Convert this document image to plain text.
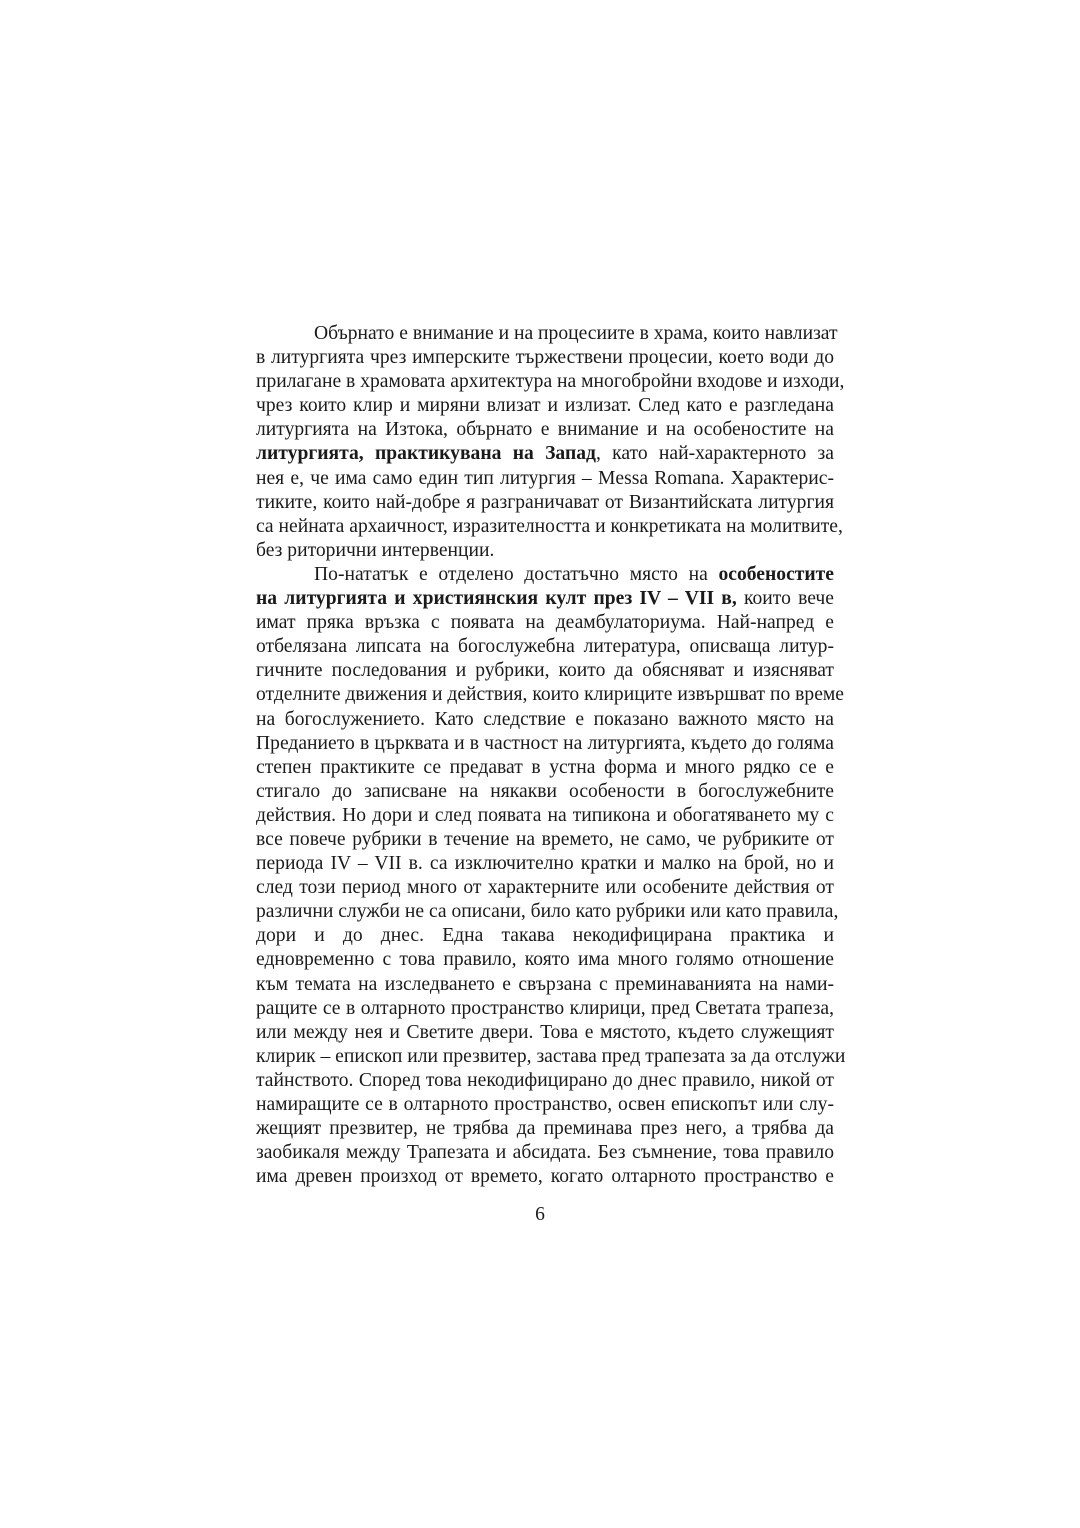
Обърнато е внимание и на процесиите в храма, които навлизат
в литургията чрез имперските тържествени процесии, което води до
прилагане в храмовата архитектура на многобройни входове и изходи,
чрез които клир и миряни влизат и излизат. След като е разгледана
литургията на Изтока, обърнато е внимание и на особеностите на
литургията, практикувана на Запад, като най-характерното за
нея е, че има само един тип литургия – Messa Romana. Характерис-
тиките, които най-добре я разграничават от Византийската литургия
са нейната архаичност, изразителността и конкретиката на молитвите,
без риторични интервенции.

По-нататък е отделено достатъчно място на особеностите
на литургията и християнския култ през IV – VII в, които вече
имат пряка връзка с появата на деамбулаториума. Най-напред е
отбелязана липсата на богослужебна литература, описваща литур-
гичните последования и рубрики, които да обясняват и изясняват
отделните движения и действия, които клириците извършват по време
на богослужението. Като следствие е показано важното място на
Преданието в църквата и в частност на литургията, където до голяма
степен практиките се предават в устна форма и много рядко се е
стигало до записване на някакви особености в богослужебните
действия. Но дори и след появата на типикона и обогатяването му с
все повече рубрики в течение на времето, не само, че рубриките от
периода IV – VII в. са изключително кратки и малко на брой, но и
след този период много от характерните или особените действия от
различни служби не са описани, било като рубрики или като правила,
дори и до днес. Една такава некодифицирана практика и
едновременно с това правило, която има много голямо отношение
към темата на изследването е свързана с преминаванията на нами-
ращите се в олтарното пространство клирици, пред Светата трапеза,
или между нея и Светите двери. Това е мястото, където служещият
клирик – епископ или презвитер, застава пред трапезата за да отслужи
тайнството. Според това некодифицирано до днес правило, никой от
намиращите се в олтарното пространство, освен епископът или слу-
жещият презвитер, не трябва да преминава през него, а трябва да
заобикаля между Трапезата и абсидата. Без съмнение, това правило
има древен произход от времето, когато олтарното пространство е

6
